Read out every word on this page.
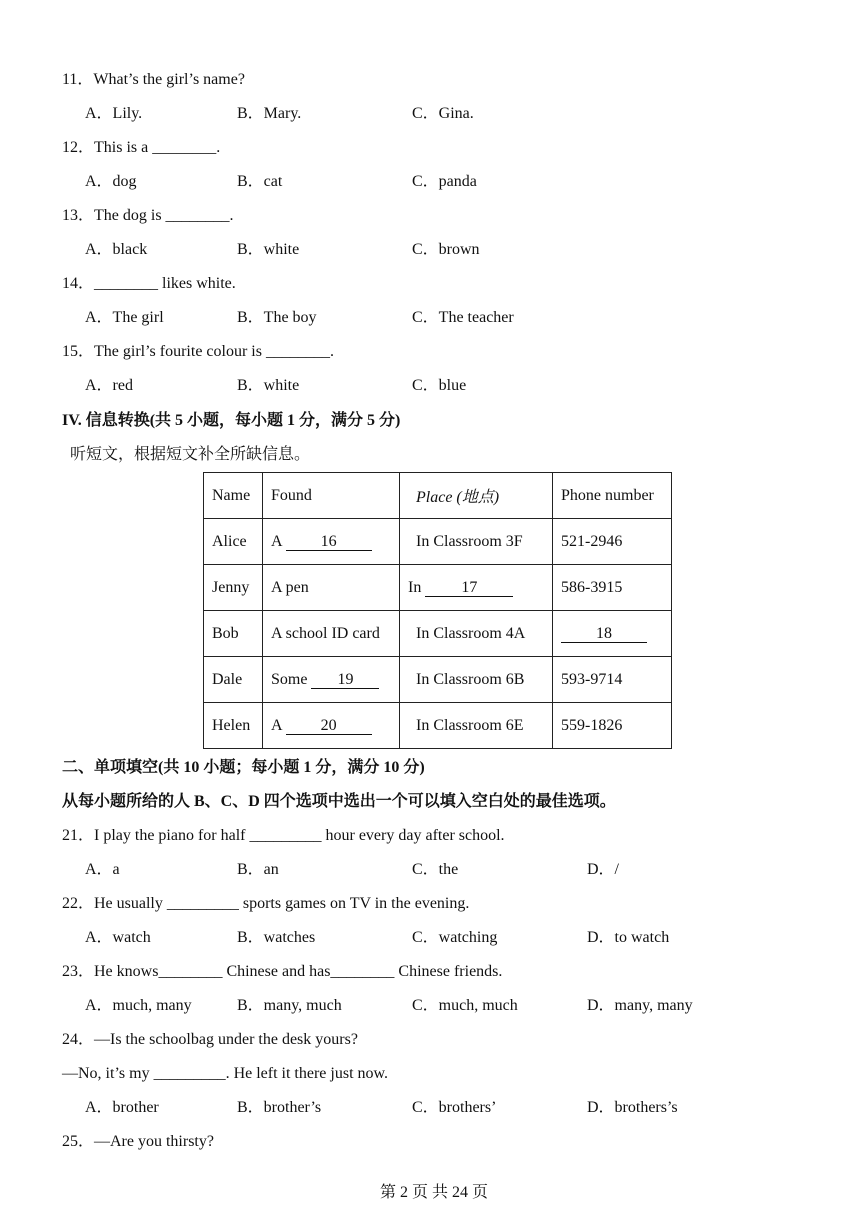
11．What’s the girl’s name?
A．Lily.	B．Mary.	C．Gina.
12．This is a ________.
A．dog	B．cat	C．panda
13．The dog is ________.
A．black	B．white	C．brown
14．________ likes white.
A．The girl	B．The boy	C．The teacher
15．The girl’s fourite colour is ________.
A．red	B．white	C．blue
IV. 信息转换(共 5 小题，每小题 1 分，满分 5 分)
听短文，根据短文补全所缺信息。
Name	Found	Place (地点)	Phone number
Alice	A 16	In Classroom 3F	521-2946
Jenny	A pen	In 17	586-3915
Bob	A school ID card	In Classroom 4A	18
Dale	Some 19	In Classroom 6B	593-9714
Helen	A 20	In Classroom 6E	559-1826
二、单项填空(共 10 小题；每小题 1 分，满分 10 分)
从每小题所给的人 B、C、D 四个选项中选出一个可以填入空白处的最佳选项。
21．I play the piano for half _________ hour every day after school.
A．a	B．an	C．the	D．/
22．He usually _________ sports games on TV in the evening.
A．watch	B．watches	C．watching	D．to watch
23．He knows________ Chinese and has________ Chinese friends.
A．much, many	B．many, much	C．much, much	D．many, many
24．—Is the schoolbag under the desk yours?
—No, it’s my _________. He left it there just now.
A．brother	B．brother’s	C．brothers’	D．brothers’s
25．—Are you thirsty?
第 2 页 共 24 页
